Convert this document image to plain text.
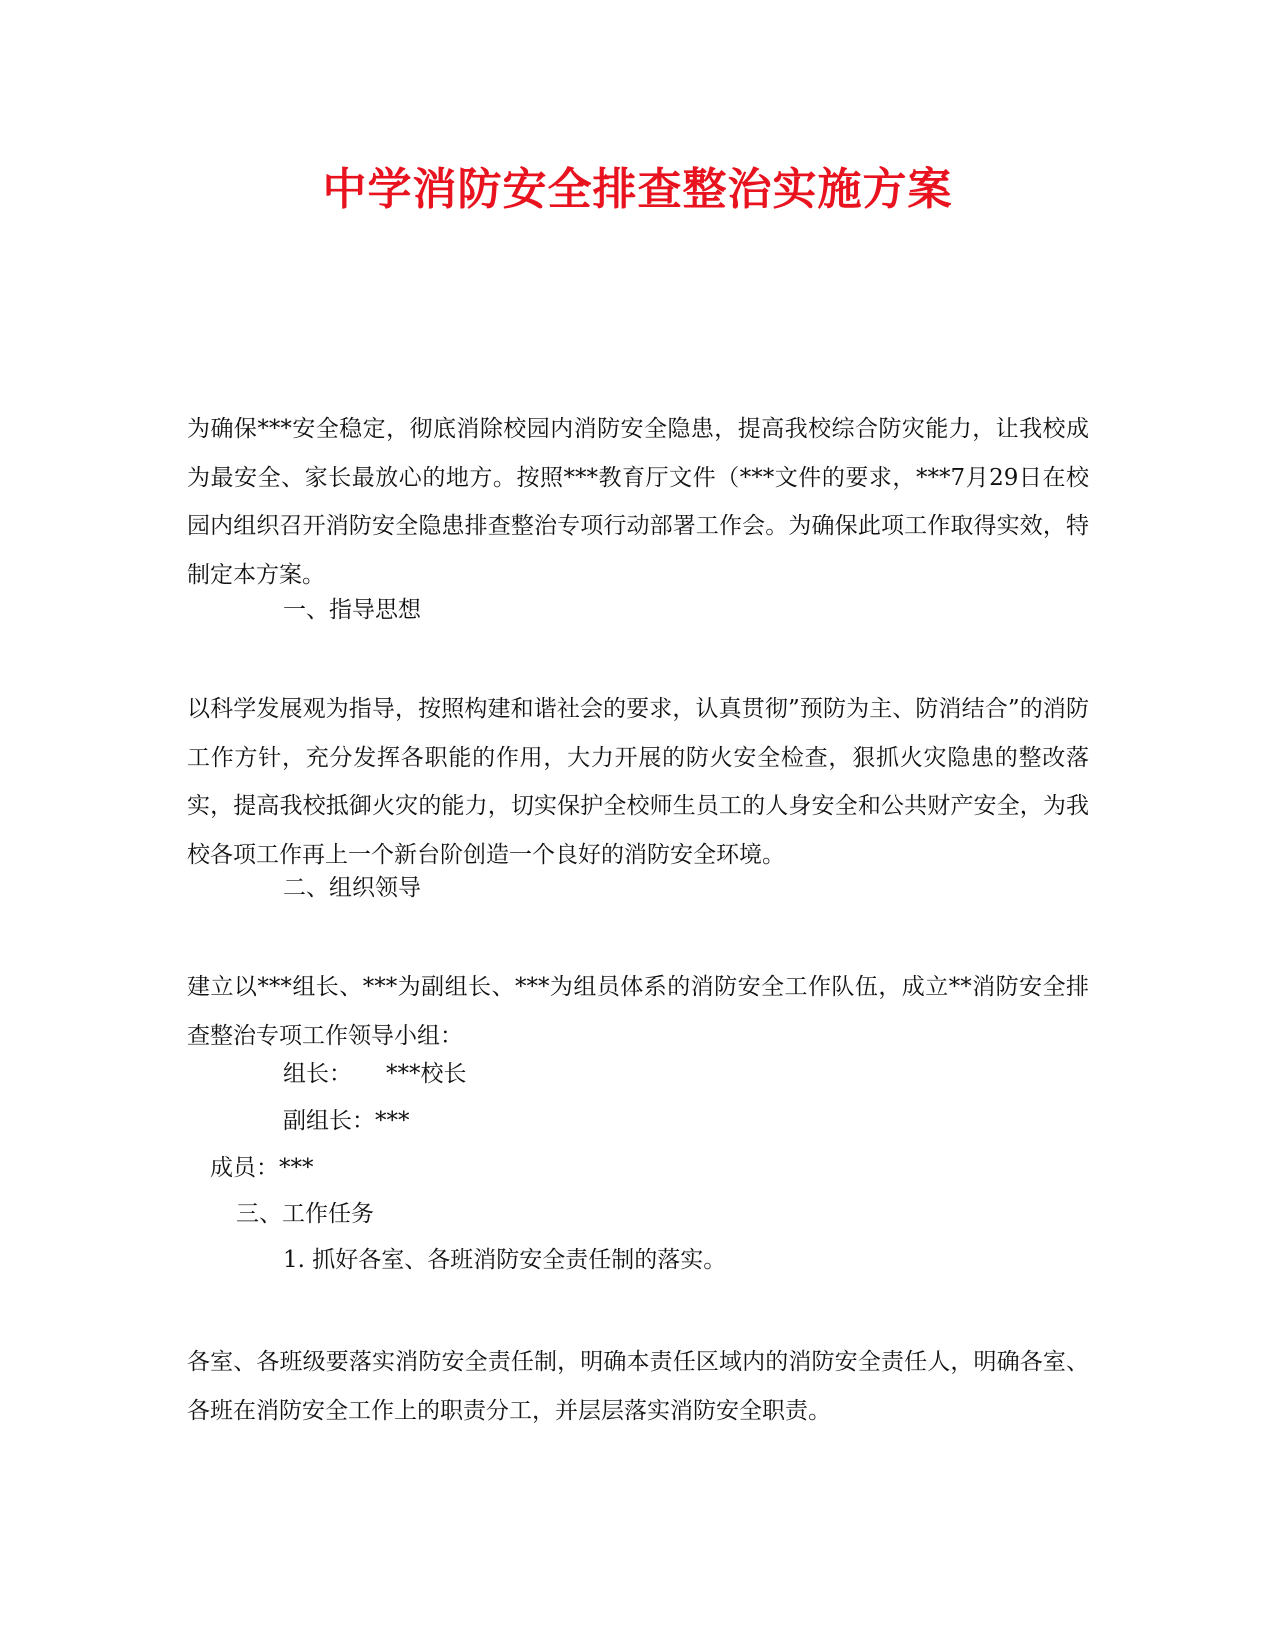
中学消防安全排查整治实施方案
为确保***安全稳定，彻底消除校园内消防安全隐患，提高我校综合防灾能力，让我校成为最安全、家长最放心的地方。按照***教育厅文件（***文件的要求，***7月29日在校园内组织召开消防安全隐患排查整治专项行动部署工作会。为确保此项工作取得实效，特制定本方案。
一、指导思想
以科学发展观为指导，按照构建和谐社会的要求，认真贯彻”预防为主、防消结合”的消防工作方针，充分发挥各职能的作用，大力开展的防火安全检查，狠抓火灾隐患的整改落实，提高我校抵御火灾的能力，切实保护全校师生员工的人身安全和公共财产安全，为我校各项工作再上一个新台阶创造一个良好的消防安全环境。
二、组织领导
建立以***组长、***为副组长、***为组员体系的消防安全工作队伍，成立**消防安全排查整治专项工作领导小组：
组长： ***校长
副组长：***
成员：***
三、工作任务
1. 抓好各室、各班消防安全责任制的落实。
各室、各班级要落实消防安全责任制，明确本责任区域内的消防安全责任人，明确各室、各班在消防安全工作上的职责分工，并层层落实消防安全职责。
